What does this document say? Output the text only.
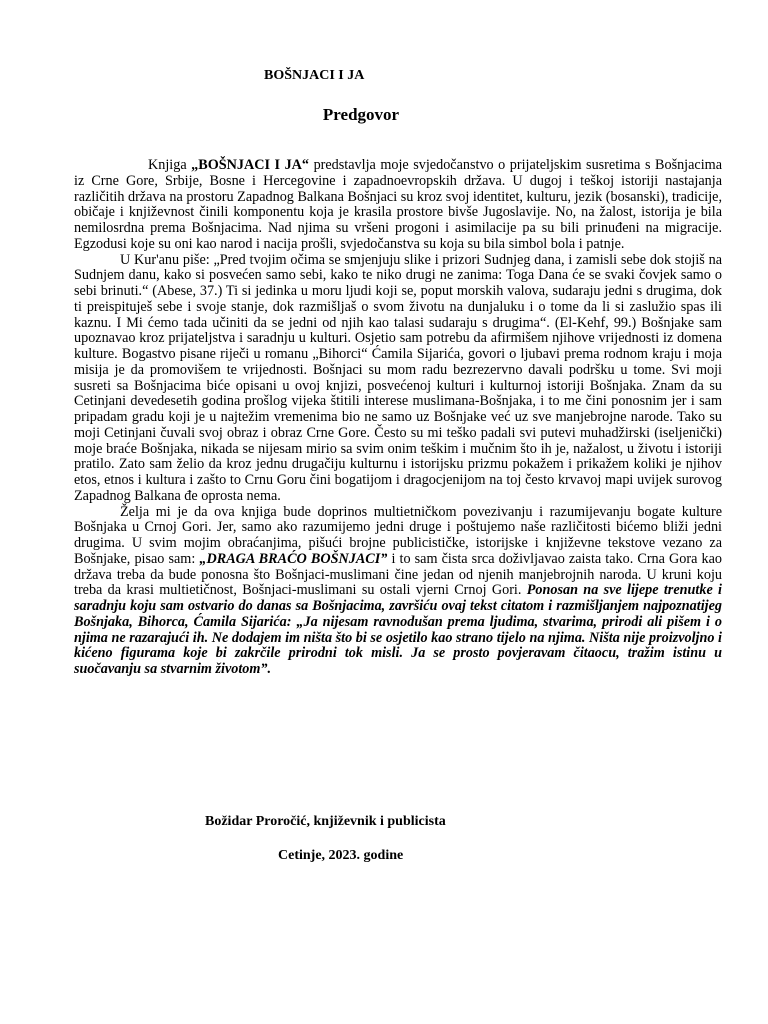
BOŠNJACI I JA
Predgovor

Knjiga „BOŠNJACI I JA“ predstavlja moje svjedočanstvo o prijateljskim susretima s Bošnjacima iz Crne Gore, Srbije, Bosne i Hercegovine i zapadnoevropskih država. U dugoj i teškoj istoriji nastajanja različitih država na prostoru Zapadnog Balkana Bošnjaci su kroz svoj identitet, kulturu, jezik (bosanski), tradicije, običaje i književnost činili komponentu koja je krasila prostore bivše Jugoslavije. No, na žalost, istorija je bila nemilosrdna prema Bošnjacima. Nad njima su vršeni progoni i asimilacije pa su bili prinuđeni na migracije. Egzodusi koje su oni kao narod i nacija prošli, svjedočanstva su koja su bila simbol bola i patnje.

U Kur'anu piše: „Pred tvojim očima se smjenjuju slike i prizori Sudnjeg dana, i zamisli sebe dok stojiš na Sudnjem danu, kako si posvećen samo sebi, kako te niko drugi ne zanima: Toga Dana će se svaki čovjek samo o sebi brinuti.“ (Abese, 37.) Ti si jedinka u moru ljudi koji se, poput morskih valova, sudaraju jedni s drugima, dok ti preispituješ sebe i svoje stanje, dok razmišljaš o svom životu na dunjaluku i o tome da li si zaslužio spas ili kaznu. I Mi ćemo tada učiniti da se jedni od njih kao talasi sudaraju s drugima“. (El-Kehf, 99.) Bošnjake sam upoznavao kroz prijateljstva i saradnju u kulturi. Osjetio sam potrebu da afirmišem njihove vrijednosti iz domena kulture. Bogastvo pisane riječi u romanu „Bihorci“ Ćamila Sijarića, govori o ljubavi prema rodnom kraju i moja misija je da promovišem te vrijednosti. Bošnjaci su mom radu bezrezervno davali podršku u tome. Svi moji susreti sa Bošnjacima biće opisani u ovoj knjizi, posvećenoj kulturi i kulturnoj istoriji Bošnjaka. Znam da su Cetinjani devedesetih godina prošlog vijeka štitili interese muslimana-Bošnjaka, i to me čini ponosnim jer i sam pripadam gradu koji je u najtežim vremenima bio ne samo uz Bošnjake već uz sve manjebrojne narode. Tako su moji Cetinjani čuvali svoj obraz i obraz Crne Gore. Često su mi teško padali svi putevi muhadžirski (iseljenički) moje braće Bošnjaka, nikada se nijesam mirio sa svim onim teškim i mučnim što ih je, nažalost, u životu i istoriji pratilo. Zato sam želio da kroz jednu drugačiju kulturnu i istorijsku prizmu pokažem i prikažem koliki je njihov etos, etnos i kultura i zašto to Crnu Goru čini bogatijom i dragocjenijom na toj često krvavoj mapi uvijek surovog Zapadnog Balkana đe oprosta nema.

Želja mi je da ova knjiga bude doprinos multietničkom povezivanju i razumijevanju bogate kulture Bošnjaka u Crnoj Gori. Jer, samo ako razumijemo jedni druge i poštujemo naše različitosti bićemo bliži jedni drugima. U svim mojim obraćanjima, pišući brojne publicističke, istorijske i književne tekstove vezano za Bošnjake, pisao sam: „DRAGA BRAĆO BOŠNJACI” i to sam čista srca doživljavao zaista tako. Crna Gora kao država treba da bude ponosna što Bošnjaci-muslimani čine jedan od njenih manjebrojnih naroda. U kruni koju treba da krasi multietičnost, Bošnjaci-muslimani su ostali vjerni Crnoj Gori. Ponosan na sve lijepe trenutke i saradnju koju sam ostvario do danas sa Bošnjacima, završiću ovaj tekst citatom i razmišljanjem najpoznatijeg Bošnjaka, Bihorca, Ćamila Sijarića: „Ja nijesam ravnodušan prema ljudima, stvarima, prirodi ali pišem i o njima ne razarajući ih. Ne dodajem im ništa što bi se osjetilo kao strano tijelo na njima. Ništa nije proizvoljno i kićeno figurama koje bi zakrčile prirodni tok misli. Ja se prosto povjeravam čitaocu, tražim istinu u suočavanju sa stvarnim životom”.

Božidar Proročić, književnik i publicista

Cetinje, 2023. godine
